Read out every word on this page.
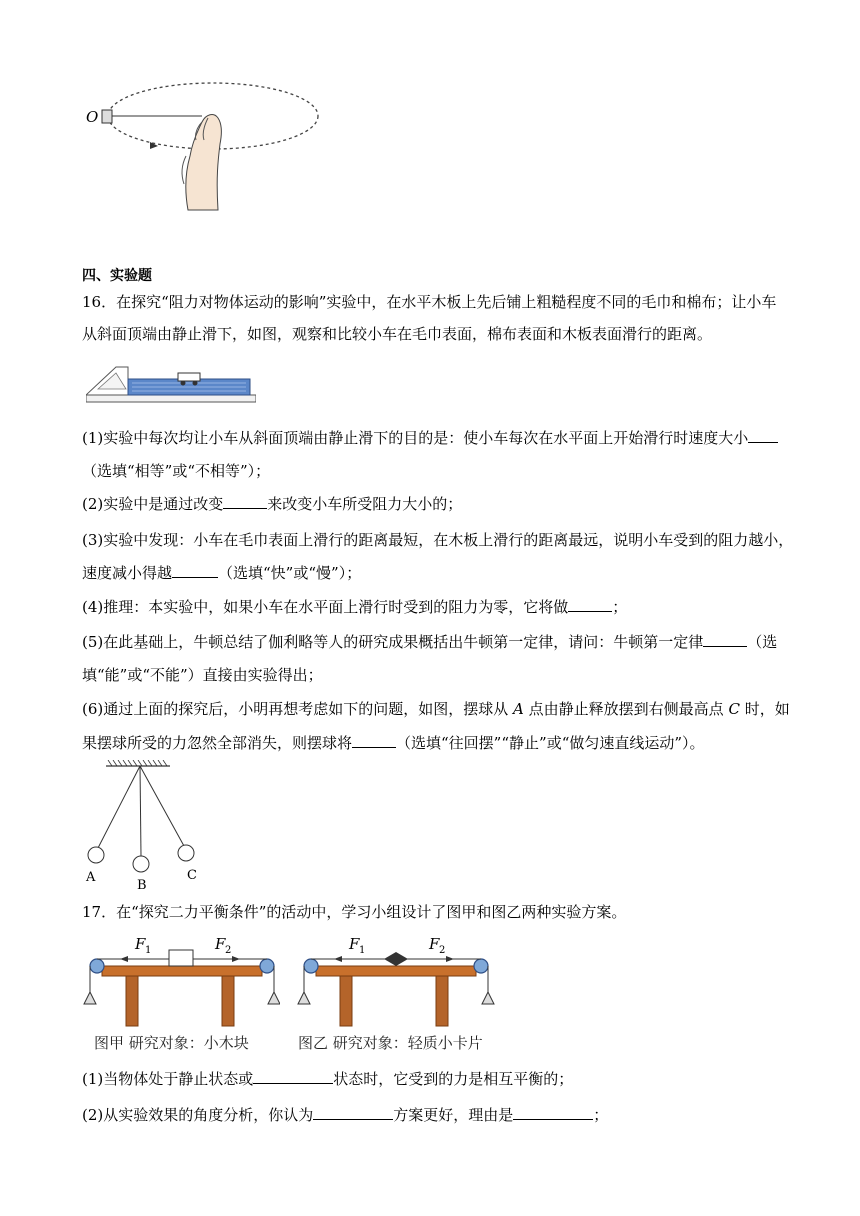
O
四、实验题
16．在探究“阻力对物体运动的影响”实验中，在水平木板上先后铺上粗糙程度不同的毛巾和棉布；让小车
从斜面顶端由静止滑下，如图，观察和比较小车在毛巾表面，棉布表面和木板表面滑行的距离。
(1)实验中每次均让小车从斜面顶端由静止滑下的目的是：使小车每次在水平面上开始滑行时速度大小
（选填“相等”或“不相等”）；
(2)实验中是通过改变	来改变小车所受阻力大小的；
(3)实验中发现：小车在毛巾表面上滑行的距离最短，在木板上滑行的距离最远，说明小车受到的阻力越小，
速度减小得越	（选填“快”或“慢”）；
(4)推理：本实验中，如果小车在水平面上滑行时受到的阻力为零，它将做	；
(5)在此基础上，牛顿总结了伽利略等人的研究成果概括出牛顿第一定律，请问：牛顿第一定律	（选
填“能”或“不能”）直接由实验得出；
(6)通过上面的探究后，小明再想考虑如下的问题，如图，摆球从 A 点由静止释放摆到右侧最高点 C 时，如
果摆球所受的力忽然全部消失，则摆球将	（选填“往回摆”“静止”或“做匀速直线运动”）。
A
B
C
17．在“探究二力平衡条件”的活动中，学习小组设计了图甲和图乙两种实验方案。
F 1	F 2
图甲 研究对象：小木块
F 1	F 2
图乙 研究对象：轻质小卡片
(1)当物体处于静止状态或	状态时，它受到的力是相互平衡的；
(2)从实验效果的角度分析，你认为	方案更好，理由是	；
